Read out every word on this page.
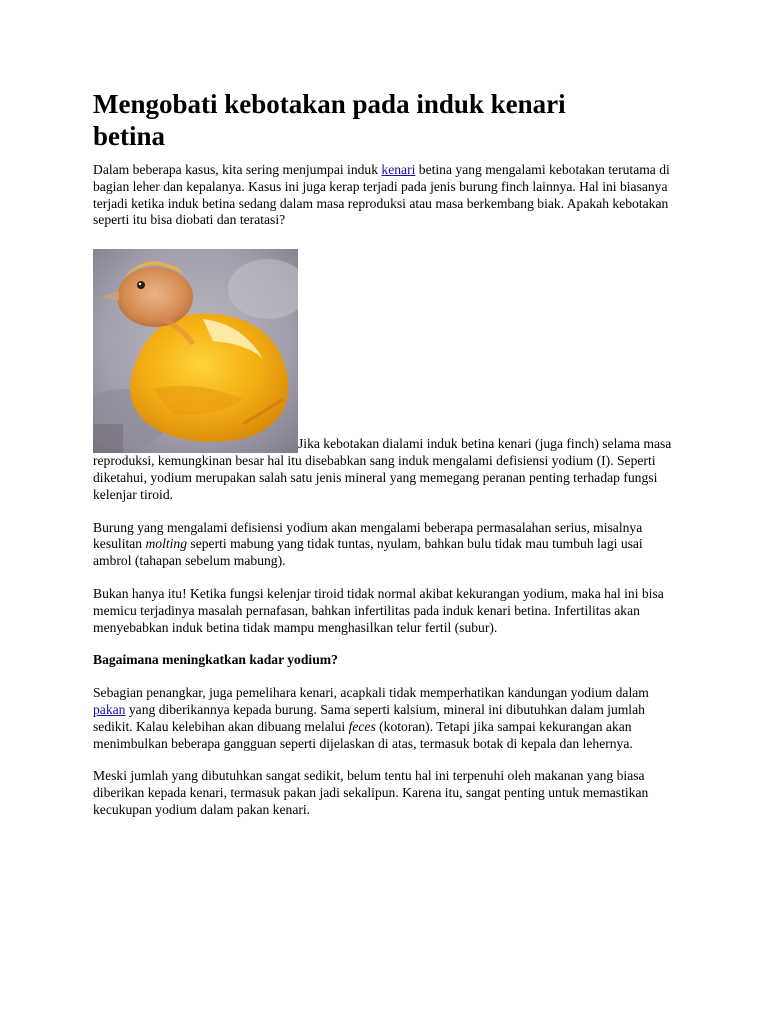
Mengobati kebotakan pada induk kenari betina

Dalam beberapa kasus, kita sering menjumpai induk kenari betina yang mengalami kebotakan terutama di bagian leher dan kepalanya. Kasus ini juga kerap terjadi pada jenis burung finch lainnya. Hal ini biasanya terjadi ketika induk betina sedang dalam masa reproduksi atau masa berkembang biak. Apakah kebotakan seperti itu bisa diobati dan teratasi?

Jika kebotakan dialami induk betina kenari (juga finch) selama masa reproduksi, kemungkinan besar hal itu disebabkan sang induk mengalami defisiensi yodium (I). Seperti diketahui, yodium merupakan salah satu jenis mineral yang memegang peranan penting terhadap fungsi kelenjar tiroid.

Burung yang mengalami defisiensi yodium akan mengalami beberapa permasalahan serius, misalnya kesulitan molting seperti mabung yang tidak tuntas, nyulam, bahkan bulu tidak mau tumbuh lagi usai ambrol (tahapan sebelum mabung).

Bukan hanya itu! Ketika fungsi kelenjar tiroid tidak normal akibat kekurangan yodium, maka hal ini bisa memicu terjadinya masalah pernafasan, bahkan infertilitas pada induk kenari betina. Infertilitas akan menyebabkan induk betina tidak mampu menghasilkan telur fertil (subur).

Bagaimana meningkatkan kadar yodium?

Sebagian penangkar, juga pemelihara kenari, acapkali tidak memperhatikan kandungan yodium dalam pakan yang diberikannya kepada burung. Sama seperti kalsium, mineral ini dibutuhkan dalam jumlah sedikit. Kalau kelebihan akan dibuang melalui feces (kotoran). Tetapi jika sampai kekurangan akan menimbulkan beberapa gangguan seperti dijelaskan di atas, termasuk botak di kepala dan lehernya.

Meski jumlah yang dibutuhkan sangat sedikit, belum tentu hal ini terpenuhi oleh makanan yang biasa diberikan kepada kenari, termasuk pakan jadi sekalipun. Karena itu, sangat penting untuk memastikan kecukupan yodium dalam pakan kenari.
